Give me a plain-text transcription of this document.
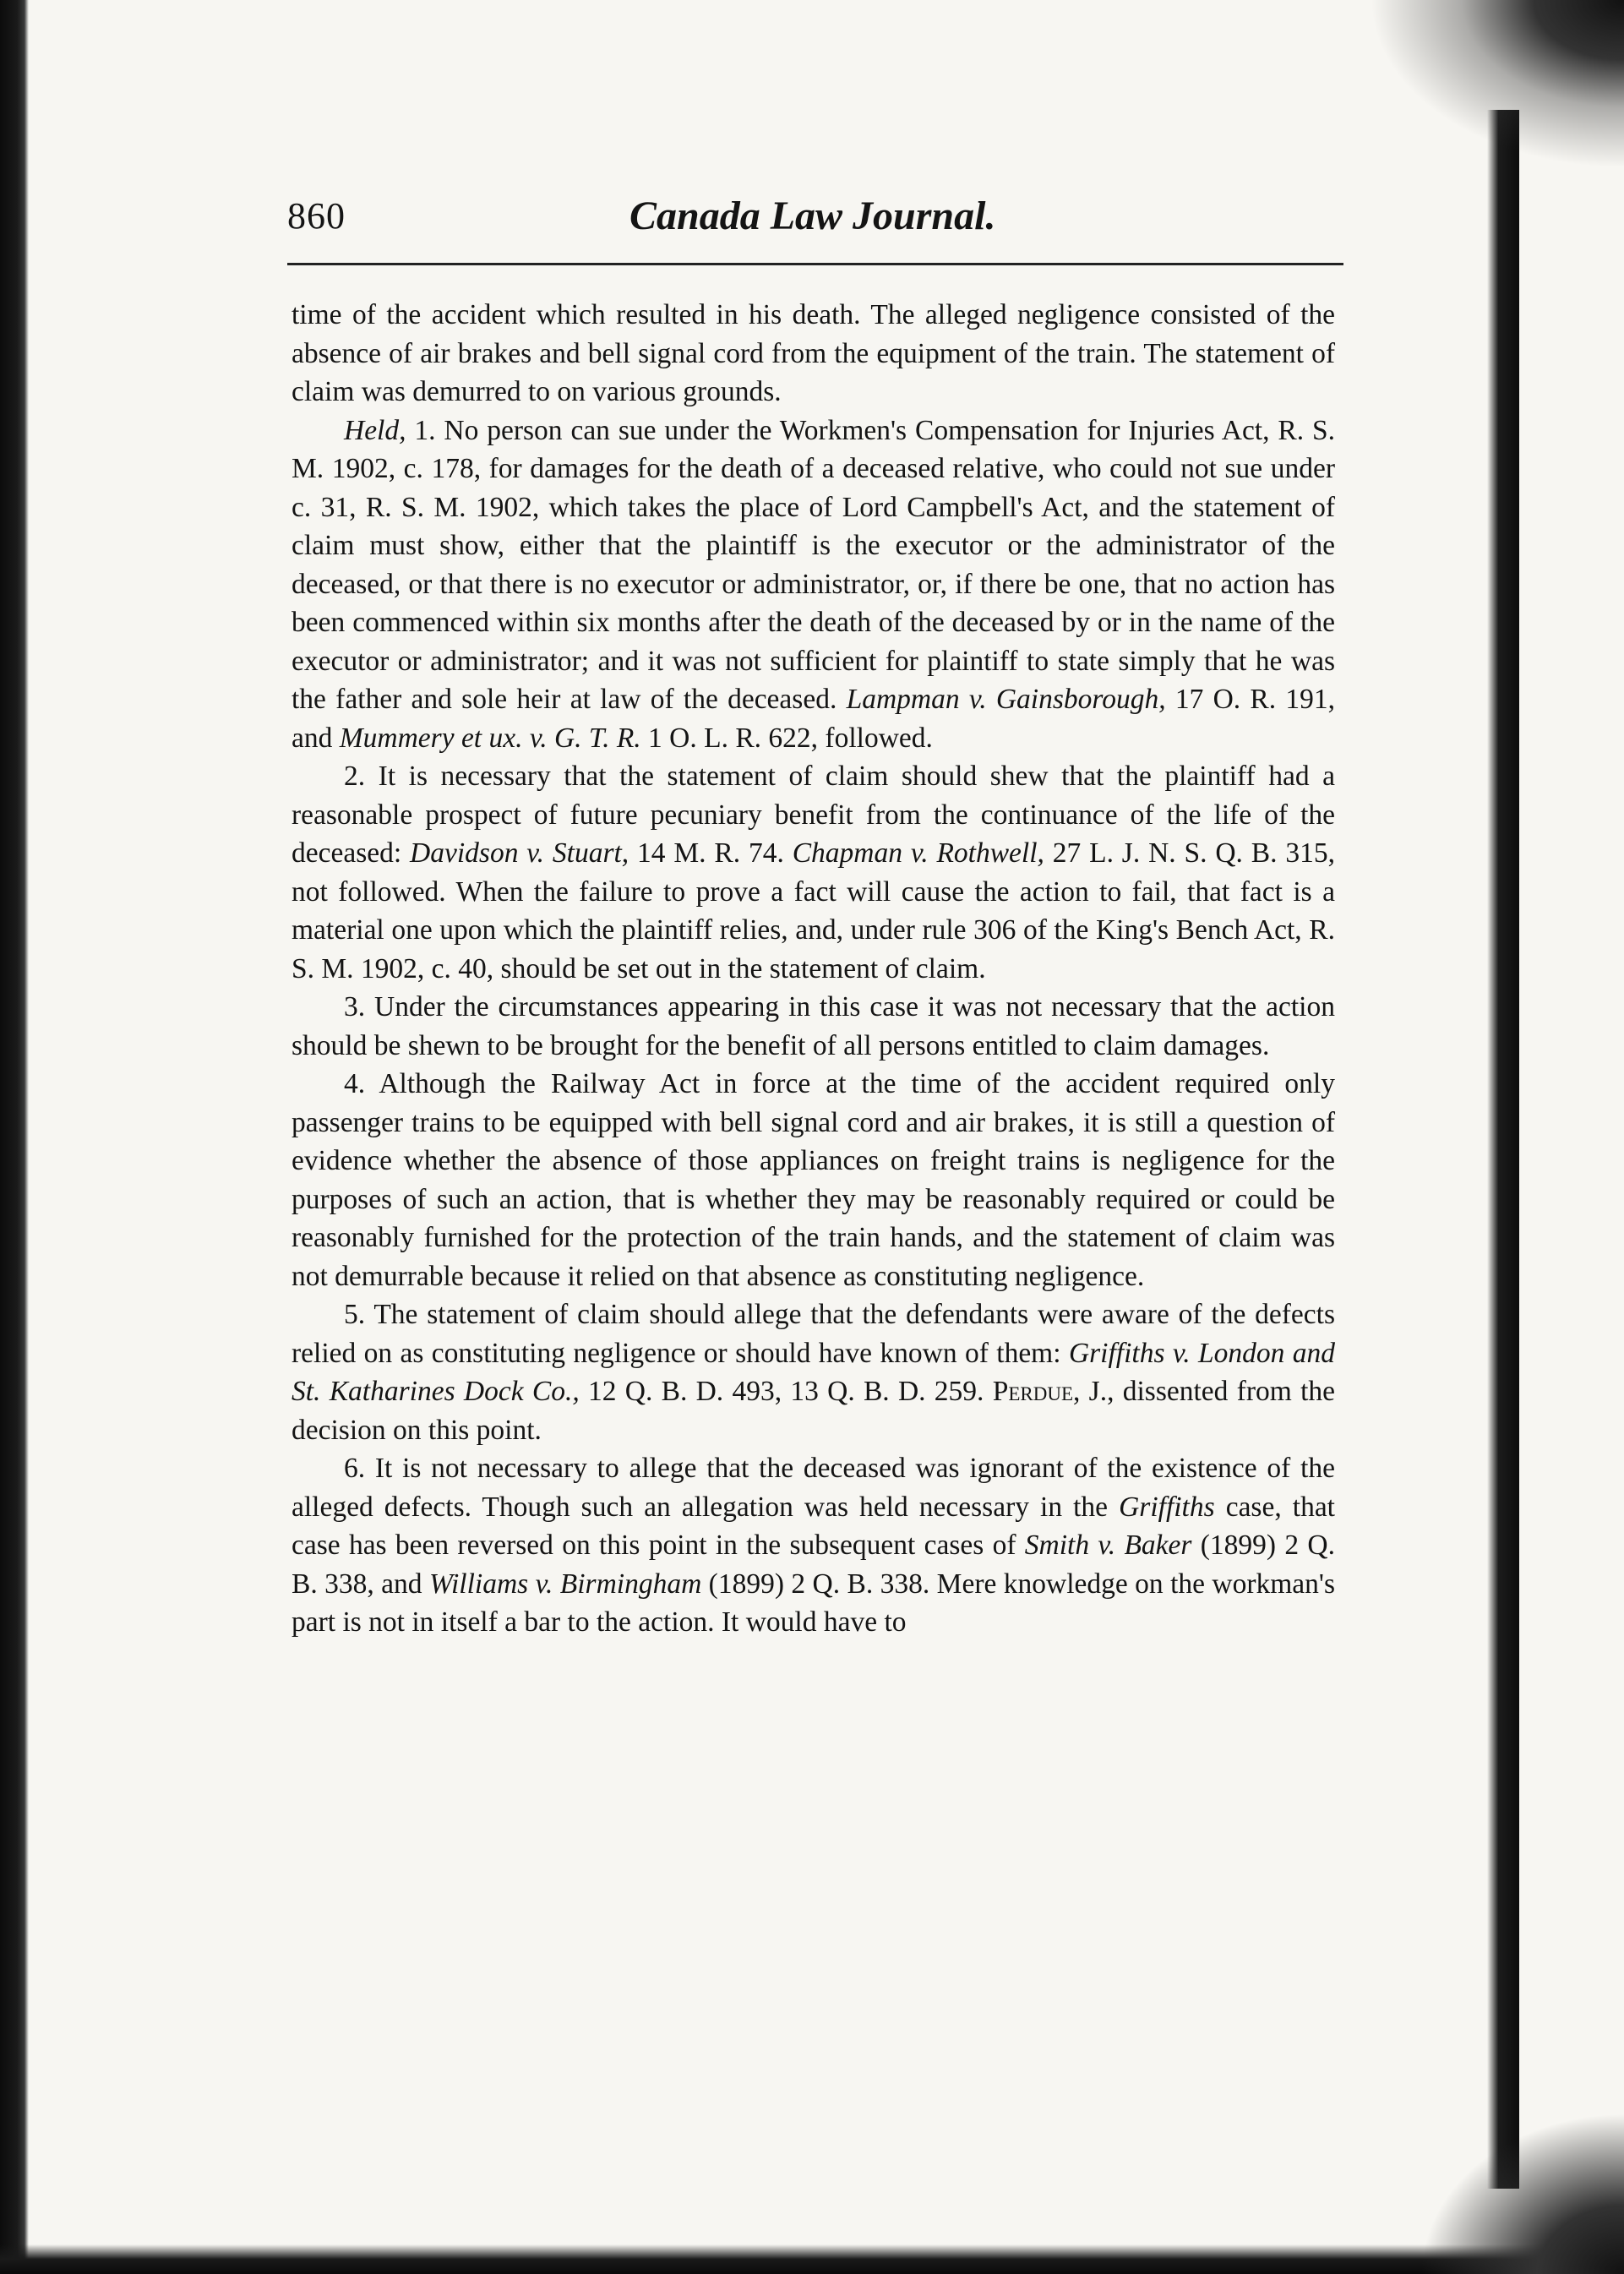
860	Canada Law Journal.

time of the accident which resulted in his death. The alleged negligence consisted of the absence of air brakes and bell signal cord from the equipment of the train. The statement of claim was demurred to on various grounds.

Held, 1. No person can sue under the Workmen's Compensation for Injuries Act, R. S. M. 1902, c. 178, for damages for the death of a deceased relative, who could not sue under c. 31, R. S. M. 1902, which takes the place of Lord Campbell's Act, and the statement of claim must show, either that the plaintiff is the executor or the administrator of the deceased, or that there is no executor or administrator, or, if there be one, that no action has been commenced within six months after the death of the deceased by or in the name of the executor or administrator; and it was not sufficient for plaintiff to state simply that he was the father and sole heir at law of the deceased. Lampman v. Gainsborough, 17 O. R. 191, and Mummery et ux. v. G. T. R. 1 O. L. R. 622, followed.

2. It is necessary that the statement of claim should shew that the plaintiff had a reasonable prospect of future pecuniary benefit from the continuance of the life of the deceased: Davidson v. Stuart, 14 M. R. 74. Chapman v. Rothwell, 27 L. J. N. S. Q. B. 315, not followed. When the failure to prove a fact will cause the action to fail, that fact is a material one upon which the plaintiff relies, and, under rule 306 of the King's Bench Act, R. S. M. 1902, c. 40, should be set out in the statement of claim.

3. Under the circumstances appearing in this case it was not necessary that the action should be shewn to be brought for the benefit of all persons entitled to claim damages.

4. Although the Railway Act in force at the time of the accident required only passenger trains to be equipped with bell signal cord and air brakes, it is still a question of evidence whether the absence of those appliances on freight trains is negligence for the purposes of such an action, that is whether they may be reasonably required or could be reasonably furnished for the protection of the train hands, and the statement of claim was not demurrable because it relied on that absence as constituting negligence.

5. The statement of claim should allege that the defendants were aware of the defects relied on as constituting negligence or should have known of them: Griffiths v. London and St. Katharines Dock Co., 12 Q. B. D. 493, 13 Q. B. D. 259. Perdue, J., dissented from the decision on this point.

6. It is not necessary to allege that the deceased was ignorant of the existence of the alleged defects. Though such an allegation was held necessary in the Griffiths case, that case has been reversed on this point in the subsequent cases of Smith v. Baker (1899) 2 Q. B. 338, and Williams v. Birmingham (1899) 2 Q. B. 338. Mere knowledge on the workman's part is not in itself a bar to the action. It would have to
